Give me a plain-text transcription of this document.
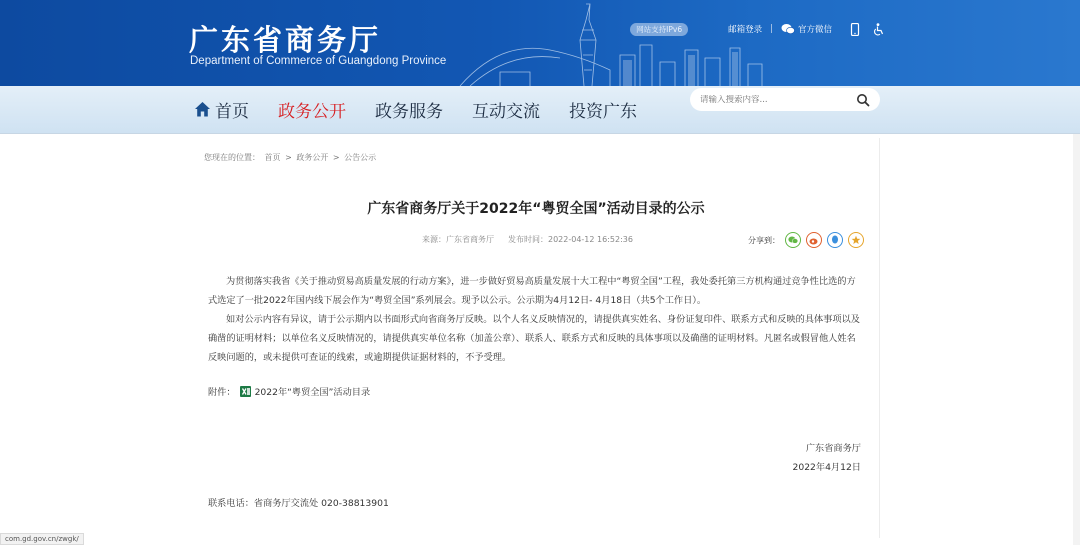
广东省商务厅
Department of Commerce of Guangdong Province
网站支持IPv6	邮箱登录 |	官方微信
首页 政务公开 政务服务 互动交流 投资广东
请输入搜索内容...
您现在的位置： 首页 > 政务公开 > 公告公示
广东省商务厅关于2022年“粤贸全国”活动目录的公示
来源：广东省商务厅 发布时间：2022-04-12 16:52:36	分享到：

为贯彻落实我省《关于推动贸易高质量发展的行动方案》，进一步做好贸易高质量发展十大工程中“粤贸全国”工程，我处委托第三方机构通过竞争性比选的方式选定了一批2022年国内线下展会作为“粤贸全国”系列展会。现予以公示。公示期为4月12日- 4月18日（共5个工作日）。

如对公示内容有异议，请于公示期内以书面形式向省商务厅反映。以个人名义反映情况的，请提供真实姓名、身份证复印件、联系方式和反映的具体事项以及确凿的证明材料；以单位名义反映情况的，请提供真实单位名称（加盖公章）、联系人、联系方式和反映的具体事项以及确凿的证明材料。凡匿名或假冒他人姓名反映问题的，或未提供可查证的线索，或逾期提供证据材料的，不予受理。

附件： 2022年“粤贸全国”活动目录
广东省商务厅
2022年4月12日
联系电话：省商务厅交流处 020-38813901
com.gd.gov.cn/zwgk/
